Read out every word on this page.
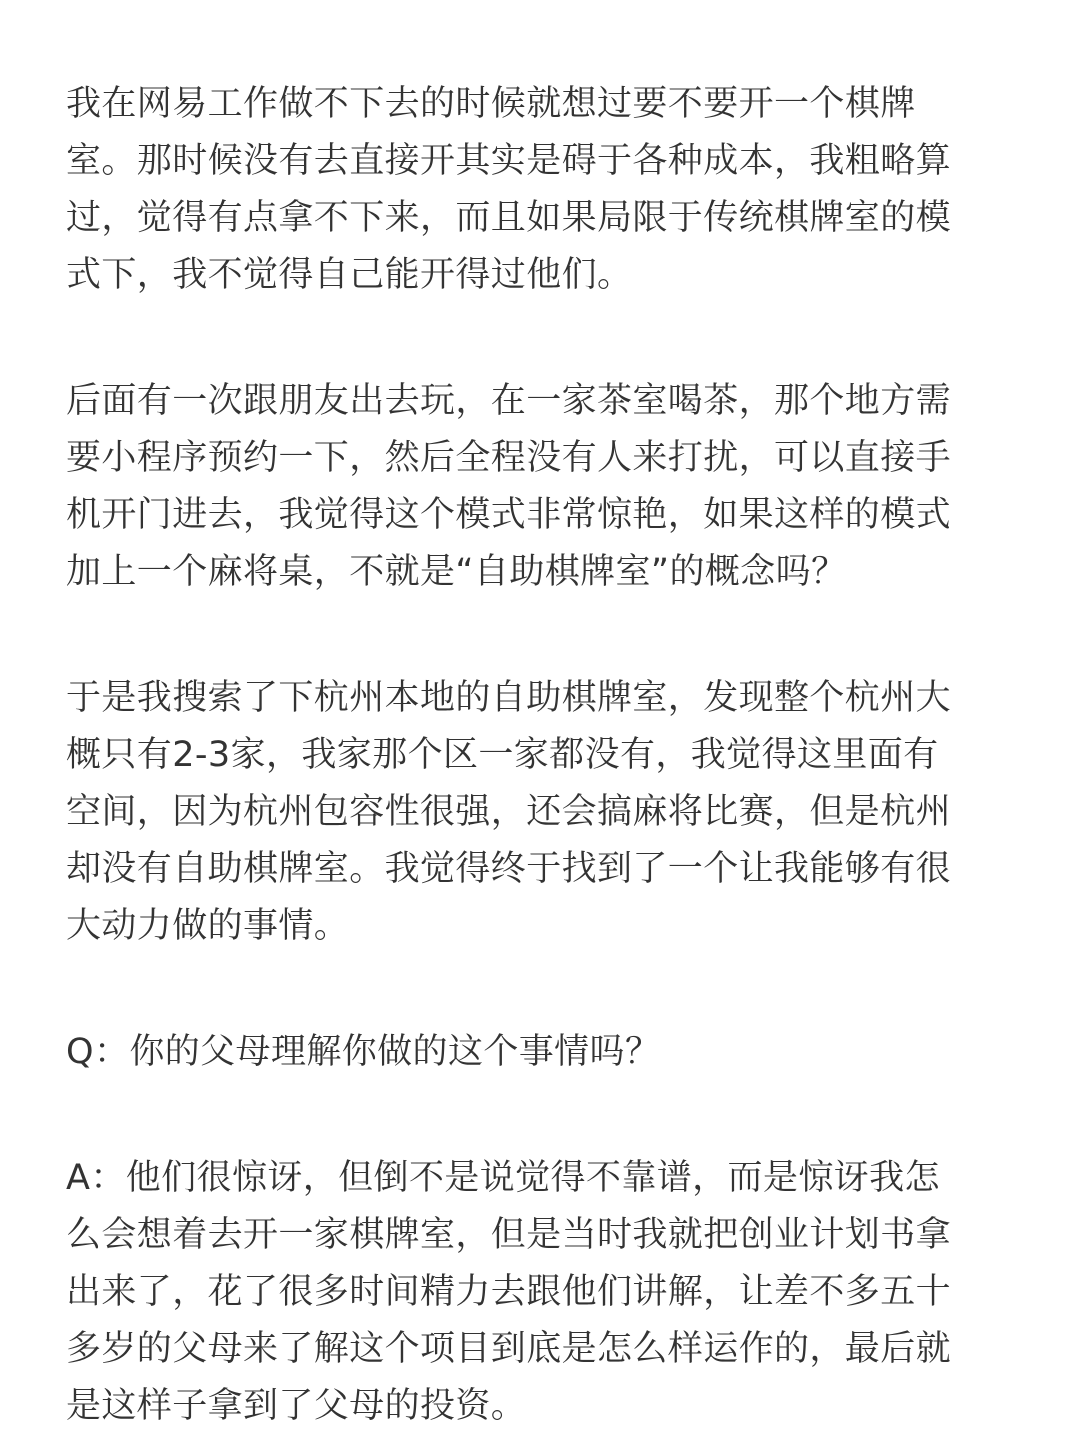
我在网易工作做不下去的时候就想过要不要开一个棋牌
室。那时候没有去直接开其实是碍于各种成本，我粗略算
过，觉得有点拿不下来，而且如果局限于传统棋牌室的模
式下，我不觉得自己能开得过他们。

后面有一次跟朋友出去玩，在一家茶室喝茶，那个地方需
要小程序预约一下，然后全程没有人来打扰，可以直接手
机开门进去，我觉得这个模式非常惊艳，如果这样的模式
加上一个麻将桌，不就是“自助棋牌室”的概念吗？

于是我搜索了下杭州本地的自助棋牌室，发现整个杭州大
概只有2-3家，我家那个区一家都没有，我觉得这里面有
空间，因为杭州包容性很强，还会搞麻将比赛，但是杭州
却没有自助棋牌室。我觉得终于找到了一个让我能够有很
大动力做的事情。

Q：你的父母理解你做的这个事情吗？

A：他们很惊讶，但倒不是说觉得不靠谱，而是惊讶我怎
么会想着去开一家棋牌室，但是当时我就把创业计划书拿
出来了，花了很多时间精力去跟他们讲解，让差不多五十
多岁的父母来了解这个项目到底是怎么样运作的，最后就
是这样子拿到了父母的投资。
